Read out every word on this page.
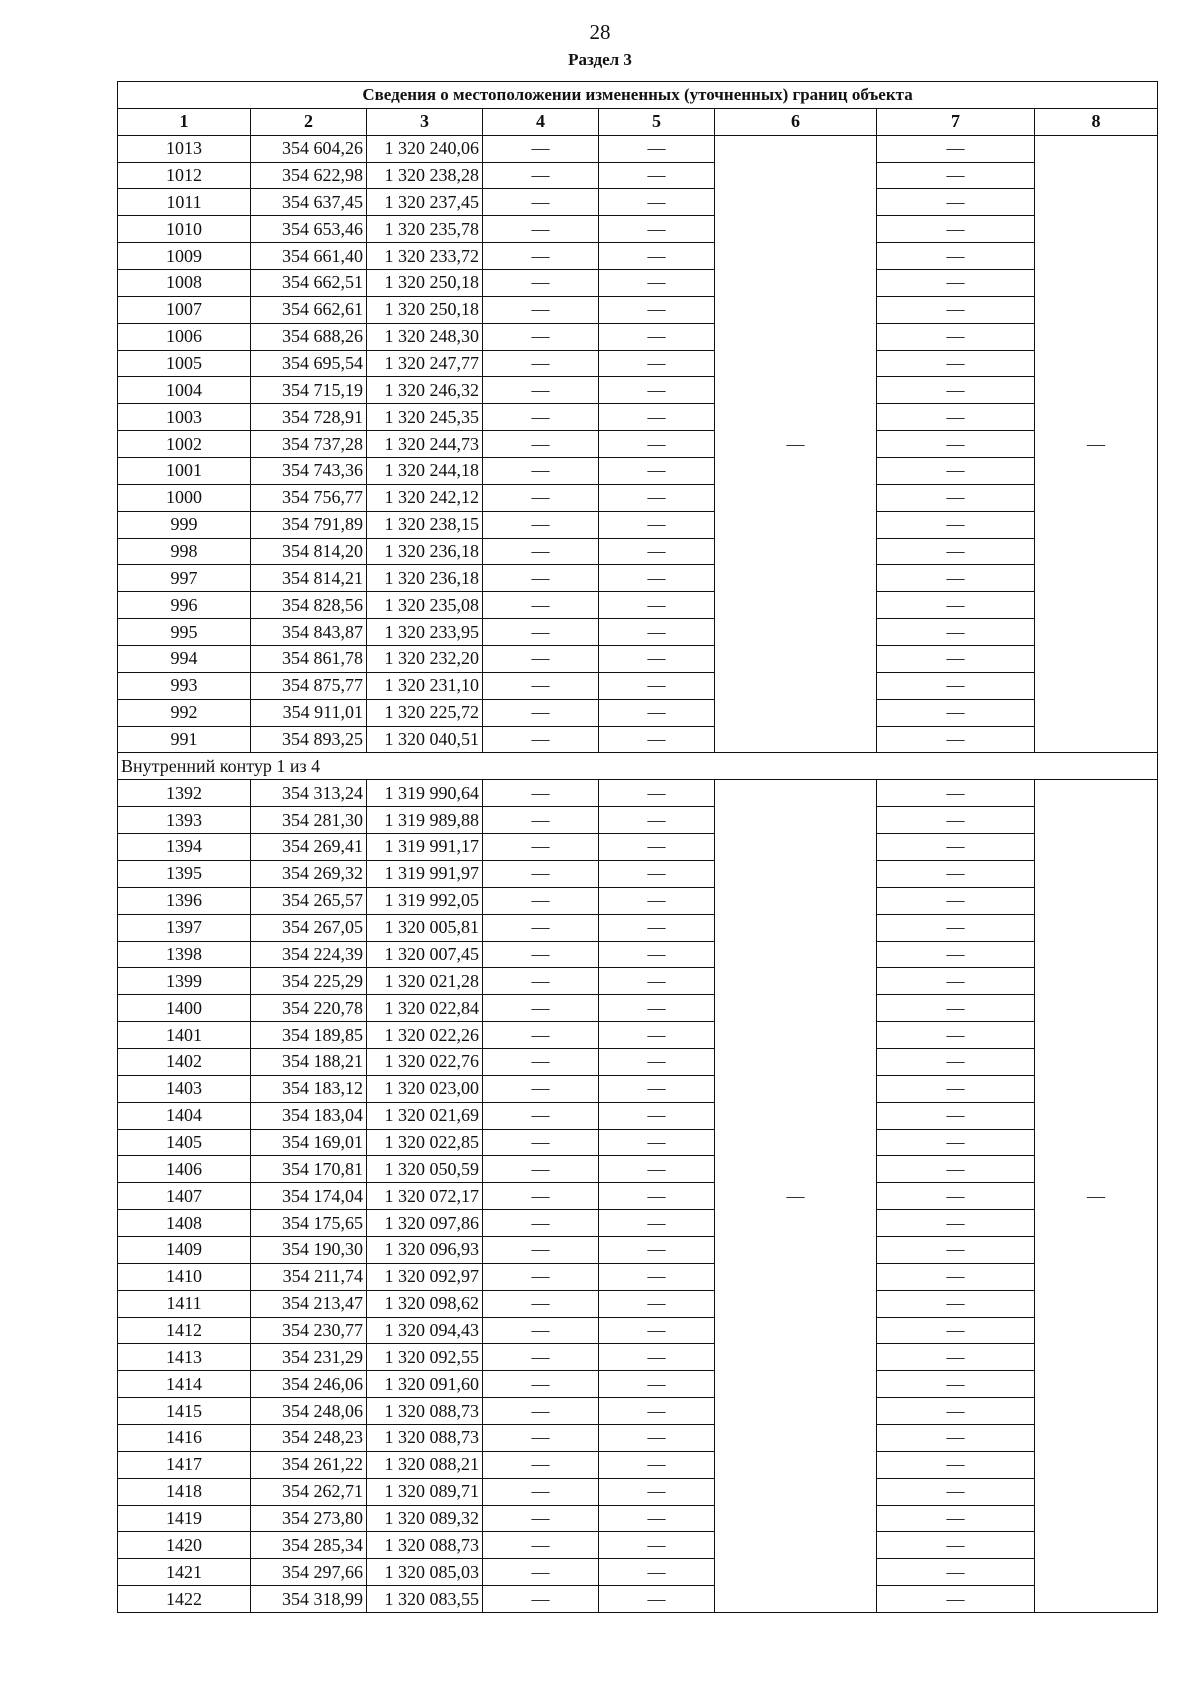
28
Раздел 3
Сведения о местоположении измененных (уточненных) границ объекта							
1	2	3	4	5	6	7	8
1013	354 604,26	1 320 240,06	—	—	—	—	—
1012	354 622,98	1 320 238,28	—	—		—	
1011	354 637,45	1 320 237,45	—	—		—	
1010	354 653,46	1 320 235,78	—	—		—	
1009	354 661,40	1 320 233,72	—	—		—	
1008	354 662,51	1 320 250,18	—	—		—	
1007	354 662,61	1 320 250,18	—	—		—	
1006	354 688,26	1 320 248,30	—	—		—	
1005	354 695,54	1 320 247,77	—	—		—	
1004	354 715,19	1 320 246,32	—	—		—	
1003	354 728,91	1 320 245,35	—	—		—	
1002	354 737,28	1 320 244,73	—	—		—	
1001	354 743,36	1 320 244,18	—	—		—	
1000	354 756,77	1 320 242,12	—	—		—	
999	354 791,89	1 320 238,15	—	—		—	
998	354 814,20	1 320 236,18	—	—		—	
997	354 814,21	1 320 236,18	—	—		—	
996	354 828,56	1 320 235,08	—	—		—	
995	354 843,87	1 320 233,95	—	—		—	
994	354 861,78	1 320 232,20	—	—		—	
993	354 875,77	1 320 231,10	—	—		—	
992	354 911,01	1 320 225,72	—	—		—	
991	354 893,25	1 320 040,51	—	—		—	
Внутренний контур 1 из 4							
1392	354 313,24	1 319 990,64	—	—	—	—	—
1393	354 281,30	1 319 989,88	—	—		—	
1394	354 269,41	1 319 991,17	—	—		—	
1395	354 269,32	1 319 991,97	—	—		—	
1396	354 265,57	1 319 992,05	—	—		—	
1397	354 267,05	1 320 005,81	—	—		—	
1398	354 224,39	1 320 007,45	—	—		—	
1399	354 225,29	1 320 021,28	—	—		—	
1400	354 220,78	1 320 022,84	—	—		—	
1401	354 189,85	1 320 022,26	—	—		—	
1402	354 188,21	1 320 022,76	—	—		—	
1403	354 183,12	1 320 023,00	—	—		—	
1404	354 183,04	1 320 021,69	—	—		—	
1405	354 169,01	1 320 022,85	—	—		—	
1406	354 170,81	1 320 050,59	—	—		—	
1407	354 174,04	1 320 072,17	—	—		—	
1408	354 175,65	1 320 097,86	—	—		—	
1409	354 190,30	1 320 096,93	—	—		—	
1410	354 211,74	1 320 092,97	—	—		—	
1411	354 213,47	1 320 098,62	—	—		—	
1412	354 230,77	1 320 094,43	—	—		—	
1413	354 231,29	1 320 092,55	—	—		—	
1414	354 246,06	1 320 091,60	—	—		—	
1415	354 248,06	1 320 088,73	—	—		—	
1416	354 248,23	1 320 088,73	—	—		—	
1417	354 261,22	1 320 088,21	—	—		—	
1418	354 262,71	1 320 089,71	—	—		—	
1419	354 273,80	1 320 089,32	—	—		—	
1420	354 285,34	1 320 088,73	—	—		—	
1421	354 297,66	1 320 085,03	—	—		—	
1422	354 318,99	1 320 083,55	—	—		—	
